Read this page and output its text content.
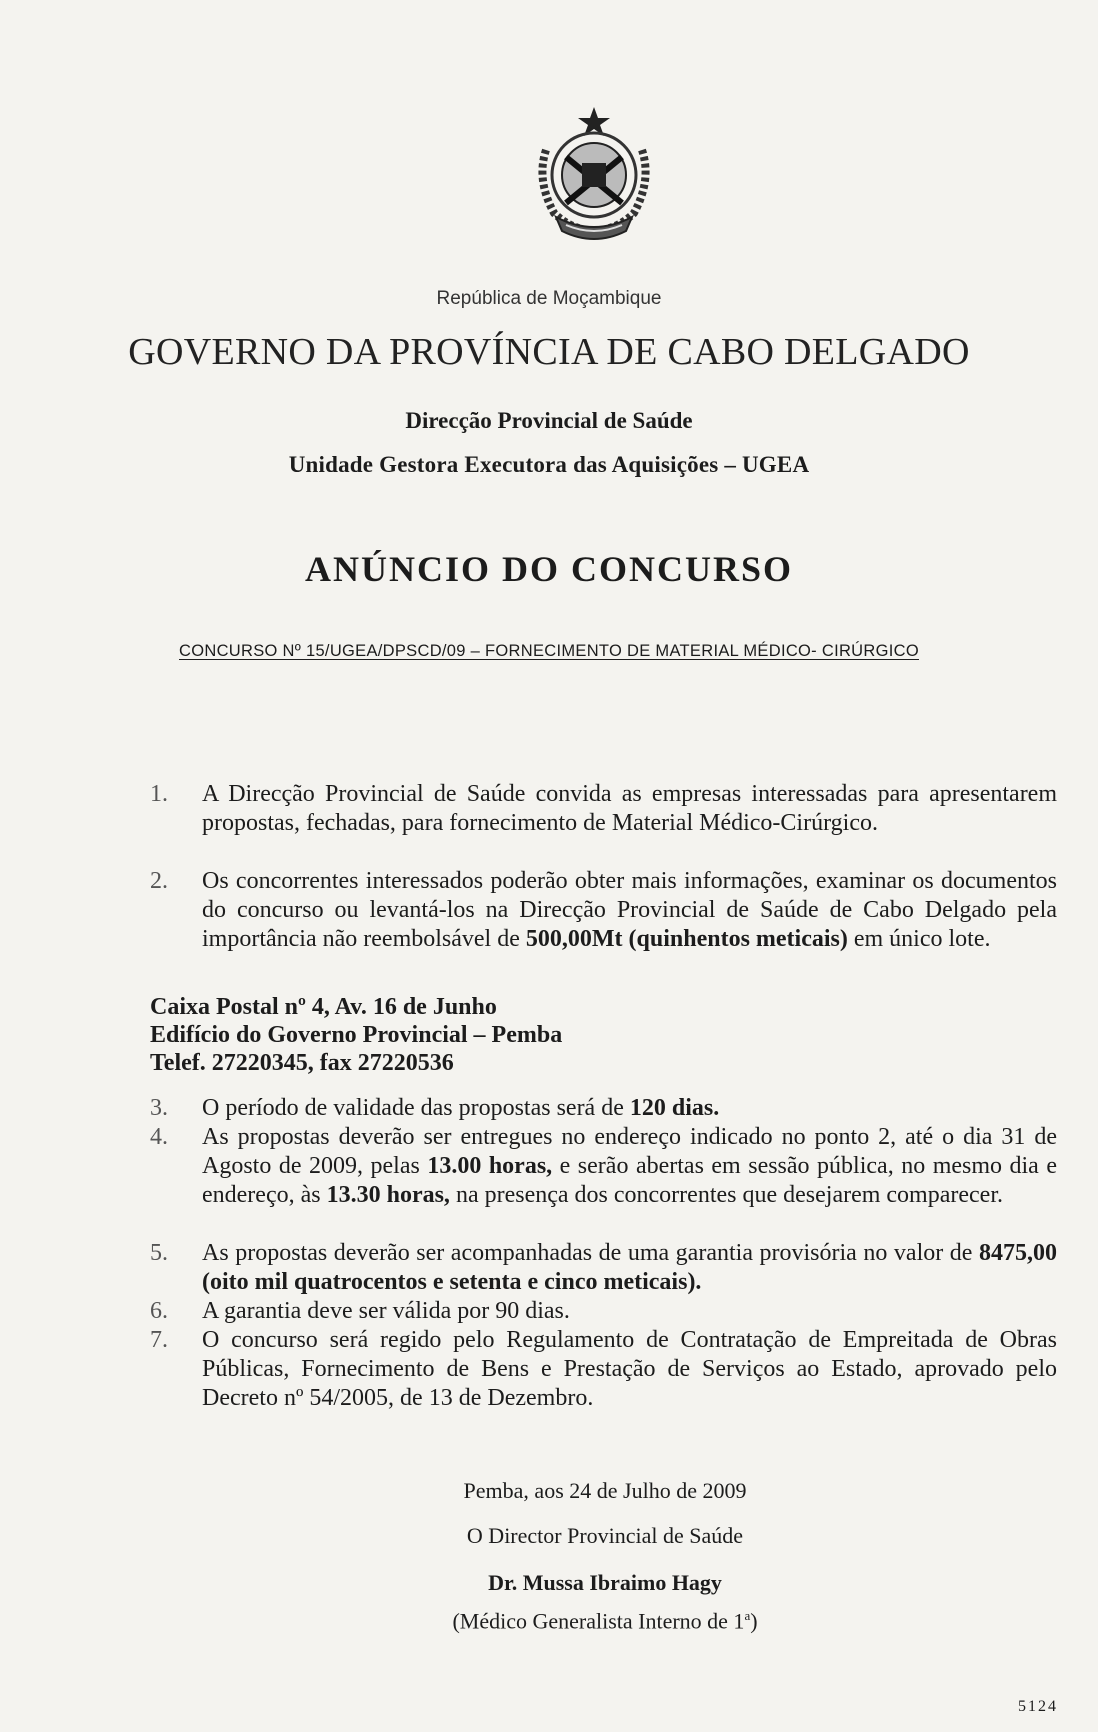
República de Moçambique
GOVERNO DA PROVÍNCIA DE CABO DELGADO
Direcção Provincial de Saúde
Unidade Gestora Executora das Aquisições – UGEA
ANÚNCIO DO CONCURSO
CONCURSO Nº 15/UGEA/DPSCD/09 – FORNECIMENTO DE MATERIAL MÉDICO- CIRÚRGICO
1. A Direcção Provincial de Saúde convida as empresas interessadas para apresentarem propostas, fechadas, para fornecimento de Material Médico-Cirúrgico.
2. Os concorrentes interessados poderão obter mais informações, examinar os documentos do concurso ou levantá-los na Direcção Provincial de Saúde de Cabo Delgado pela importância não reembolsável de 500,00Mt (quinhentos meticais) em único lote.
Caixa Postal nº 4, Av. 16 de Junho
Edifício do Governo Provincial – Pemba
Telef. 27220345, fax 27220536
3. O período de validade das propostas será de 120 dias.
4. As propostas deverão ser entregues no endereço indicado no ponto 2, até o dia 31 de Agosto de 2009, pelas 13.00 horas, e serão abertas em sessão pública, no mesmo dia e endereço, às 13.30 horas, na presença dos concorrentes que desejarem comparecer.
5. As propostas deverão ser acompanhadas de uma garantia provisória no valor de 8475,00 (oito mil quatrocentos e setenta e cinco meticais).
6. A garantia deve ser válida por 90 dias.
7. O concurso será regido pelo Regulamento de Contratação de Empreitada de Obras Públicas, Fornecimento de Bens e Prestação de Serviços ao Estado, aprovado pelo Decreto nº 54/2005, de 13 de Dezembro.
Pemba, aos 24 de Julho de 2009
O Director Provincial de Saúde
Dr. Mussa Ibraimo Hagy
(Médico Generalista Interno de 1$^a$)
5124
